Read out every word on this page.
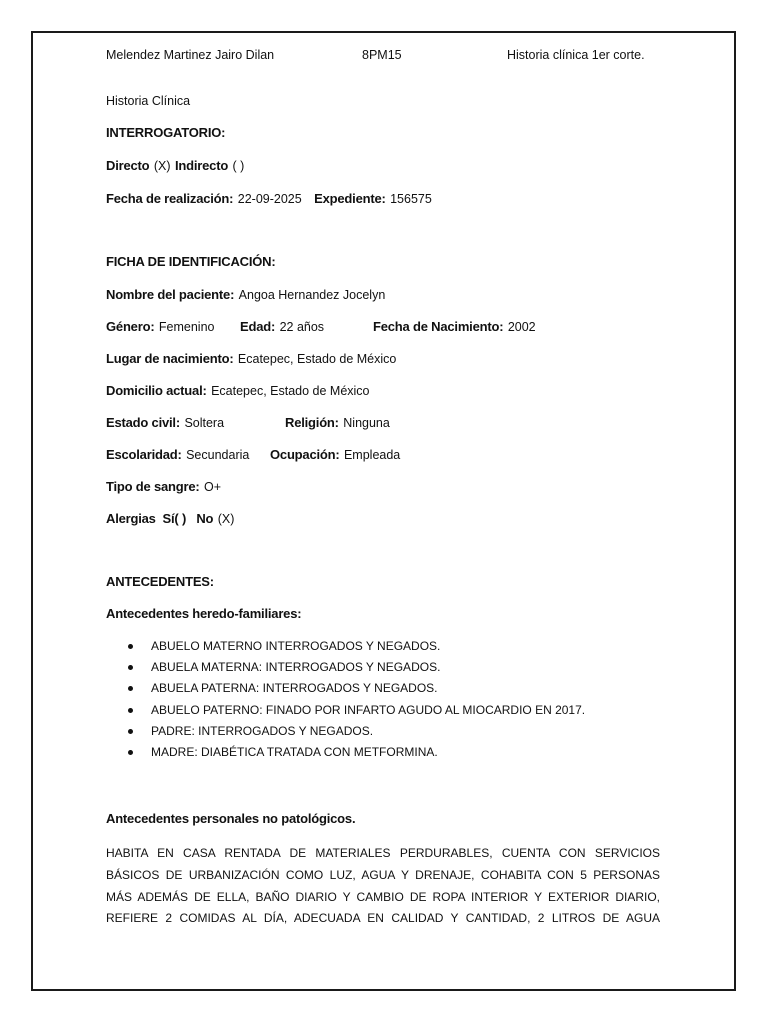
Melendez Martinez Jairo Dilan	8PM15	Historia clínica 1er corte.
Historia Clínica
INTERROGATORIO:
Directo (X) Indirecto ( )
Fecha de realización: 22-09-2025 Expediente: 156575
FICHA DE IDENTIFICACIÓN:
Nombre del paciente: Angoa Hernandez Jocelyn
Género: Femenino Edad: 22 años	Fecha de Nacimiento: 2002
Lugar de nacimiento: Ecatepec, Estado de México
Domicilio actual: Ecatepec, Estado de México
Estado civil: Soltera	Religión: Ninguna
Escolaridad: Secundaria Ocupación: Empleada
Tipo de sangre: O+
Alergias  Sí( )   No (X)
ANTECEDENTES:
Antecedentes heredo-familiares:
ABUELO MATERNO INTERROGADOS Y NEGADOS.
ABUELA MATERNA: INTERROGADOS Y NEGADOS.
ABUELA PATERNA: INTERROGADOS Y NEGADOS.
ABUELO PATERNO: FINADO POR INFARTO AGUDO AL MIOCARDIO EN 2017.
PADRE: INTERROGADOS Y NEGADOS.
MADRE: DIABÉTICA TRATADA CON METFORMINA.
Antecedentes personales no patológicos.
HABITA EN CASA RENTADA DE MATERIALES PERDURABLES, CUENTA CON SERVICIOS
BÁSICOS DE URBANIZACIÓN COMO LUZ, AGUA Y DRENAJE, COHABITA CON 5 PERSONAS
MÁS ADEMÁS DE ELLA, BAÑO DIARIO Y CAMBIO DE ROPA INTERIOR Y EXTERIOR DIARIO,
REFIERE 2 COMIDAS AL DÍA, ADECUADA EN CALIDAD Y CANTIDAD, 2 LITROS DE AGUA
